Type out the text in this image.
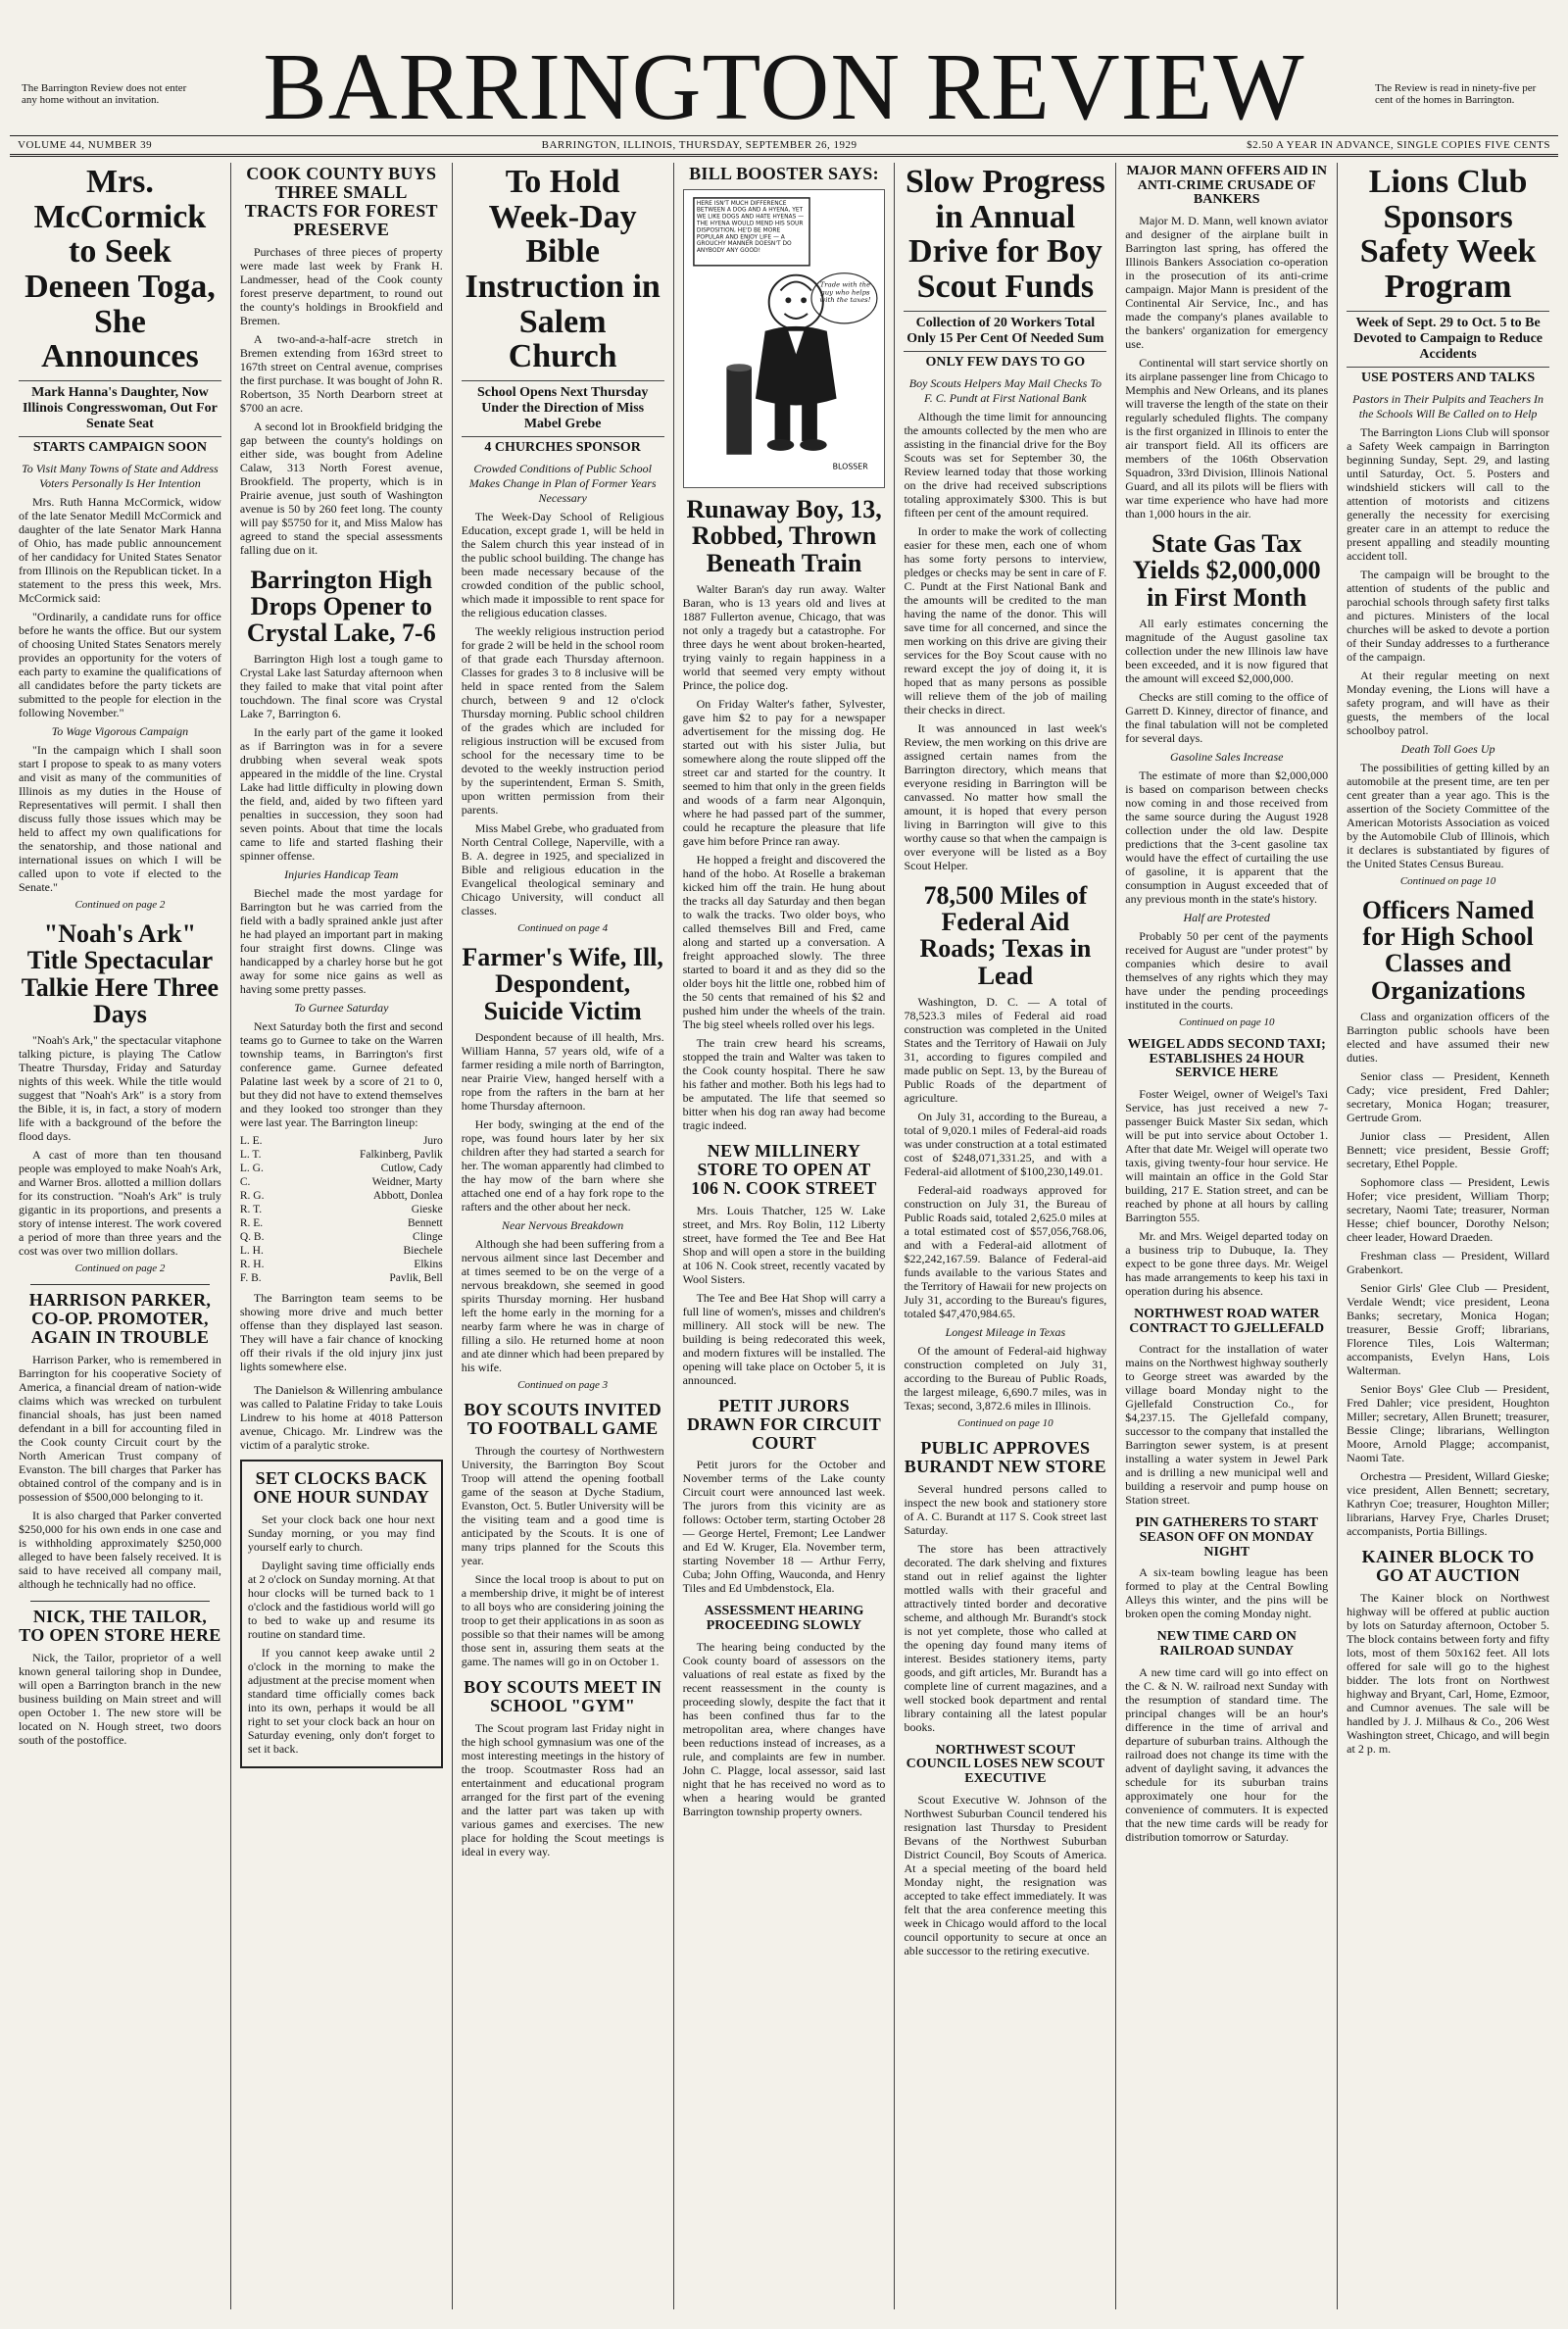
The Barrington Review does not enter any home without an invitation.	BARRINGTON REVIEW	The Review is read in ninety-five per cent of the homes in Barrington.
VOLUME 44, NUMBER 39	BARRINGTON, ILLINOIS, THURSDAY, SEPTEMBER 26, 1929	$2.50 A YEAR IN ADVANCE, SINGLE COPIES FIVE CENTS
Mrs. McCormick to Seek Deneen Toga, She Announces
Mark Hanna's Daughter, Now Illinois Congresswoman, Out For Senate Seat
STARTS CAMPAIGN SOON
To Visit Many Towns of State and Address Voters Personally Is Her Intention

Mrs. Ruth Hanna McCormick, widow of the late Senator Medill McCormick and daughter of the late Senator Mark Hanna of Ohio, has made public announcement of her candidacy for United States Senator from Illinois on the Republican ticket. In a statement to the press this week, Mrs. McCormick said:

"Ordinarily, a candidate runs for office before he wants the office. But our system of choosing United States Senators merely provides an opportunity for the voters of each party to examine the qualifications of all candidates before the party tickets are submitted to the people for election in the following November."

To Wage Vigorous Campaign

"In the campaign which I shall soon start I propose to speak to as many voters and visit as many of the communities of Illinois as my duties in the House of Representatives will permit. I shall then discuss fully those issues which may be held to affect my own qualifications for the senatorship, and those national and international issues on which I will be called upon to vote if elected to the Senate."

Continued on page 2
"Noah's Ark" Title Spectacular Talkie Here Three Days

"Noah's Ark," the spectacular vitaphone talking picture, is playing The Catlow Theatre Thursday, Friday and Saturday nights of this week. While the title would suggest that "Noah's Ark" is a story from the Bible, it is, in fact, a story of modern life with a background of the before the flood days.

A cast of more than ten thousand people was employed to make Noah's Ark, and Warner Bros. allotted a million dollars for its construction. "Noah's Ark" is truly gigantic in its proportions, and presents a story of intense interest. The work covered a period of more than three years and the cost was over two million dollars.

Continued on page 2
HARRISON PARKER, CO-OP. PROMOTER, AGAIN IN TROUBLE

Harrison Parker, who is remembered in Barrington for his cooperative Society of America, a financial dream of nation-wide claims which was wrecked on turbulent financial shoals, has just been named defendant in a bill for accounting filed in the Cook county Circuit court by the North American Trust company of Evanston. The bill charges that Parker has obtained control of the company and is in possession of $500,000 belonging to it.

It is also charged that Parker converted $250,000 for his own ends in one case and is withholding approximately $250,000 alleged to have been falsely received. It is said to have received all company mail, although he technically had no office.

NICK, THE TAILOR, TO OPEN STORE HERE

Nick, the Tailor, proprietor of a well known general tailoring shop in Dundee, will open a Barrington branch in the new business building on Main street and will open October 1. The new store will be located on N. Hough street, two doors south of the postoffice.

COOK COUNTY BUYS THREE SMALL TRACTS FOR FOREST PRESERVE

Purchases of three pieces of property were made last week by Frank H. Landmesser, head of the Cook county forest preserve department, to round out the county's holdings in Brookfield and Bremen.

A two-and-a-half-acre stretch in Bremen extending from 163rd street to 167th street on Central avenue, comprises the first purchase. It was bought of John R. Robertson, 35 North Dearborn street at $700 an acre.

A second lot in Brookfield bridging the gap between the county's holdings on either side, was bought from Adeline Calaw, 313 North Forest avenue, Brookfield. The property, which is in Prairie avenue, just south of Washington avenue is 50 by 260 feet long. The county will pay $5750 for it, and Miss Malow has agreed to stand the special assessments falling due on it.

Barrington High Drops Opener to Crystal Lake, 7-6

Barrington High lost a tough game to Crystal Lake last Saturday afternoon when they failed to make that vital point after touchdown. The final score was Crystal Lake 7, Barrington 6.

In the early part of the game it looked as if Barrington was in for a severe drubbing when several weak spots appeared in the middle of the line. Crystal Lake had little difficulty in plowing down the field, and, aided by two fifteen yard penalties in succession, they soon had seven points. About that time the locals came to life and started flashing their spinner offense.

Injuries Handicap Team

Biechel made the most yardage for Barrington but he was carried from the field with a badly sprained ankle just after he had played an important part in making four straight first downs. Clinge was handicapped by a charley horse but he got away for some nice gains as well as having some pretty passes.

To Gurnee Saturday

Next Saturday both the first and second teams go to Gurnee to take on the Warren township teams, in Barrington's first conference game. Gurnee defeated Palatine last week by a score of 21 to 0, but they did not have to extend themselves and they looked too stronger than they were last year. The Barrington lineup:

L. E.	Juro
L. T.	Falkinberg, Pavlik
L. G.	Cutlow, Cady
C.	Weidner, Marty
R. G.	Abbott, Donlea
R. T.	Gieske
R. E.	Bennett
Q. B.	Clinge
L. H.	Biechele
R. H.	Elkins
F. B.	Pavlik, Bell

The Barrington team seems to be showing more drive and much better offense than they displayed last season. They will have a fair chance of knocking off their rivals if the old injury jinx just lights somewhere else.

The Danielson & Willenring ambulance was called to Palatine Friday to take Louis Lindrew to his home at 4018 Patterson avenue, Chicago. Mr. Lindrew was the victim of a paralytic stroke.

SET CLOCKS BACK ONE HOUR SUNDAY

Set your clock back one hour next Sunday morning, or you may find yourself early to church.

Daylight saving time officially ends at 2 o'clock on Sunday morning. At that hour clocks will be turned back to 1 o'clock and the fastidious world will go to bed to wake up and resume its routine on standard time.

If you cannot keep awake until 2 o'clock in the morning to make the adjustment at the precise moment when standard time officially comes back into its own, perhaps it would be all right to set your clock back an hour on Saturday evening, only don't forget to set it back.

To Hold Week-Day Bible Instruction in Salem Church
School Opens Next Thursday Under the Direction of Miss Mabel Grebe
4 CHURCHES SPONSOR
Crowded Conditions of Public School Makes Change in Plan of Former Years Necessary

The Week-Day School of Religious Education, except grade 1, will be held in the Salem church this year instead of in the public school building. The change has been made necessary because of the crowded condition of the public school, which made it impossible to rent space for the religious education classes.

The weekly religious instruction period for grade 2 will be held in the school room of that grade each Thursday afternoon. Classes for grades 3 to 8 inclusive will be held in space rented from the Salem church, between 9 and 12 o'clock Thursday morning. Public school children of the grades which are included for religious instruction will be excused from school for the necessary time to be devoted to the weekly instruction period by the superintendent, Erman S. Smith, upon written permission from their parents.

Miss Mabel Grebe, who graduated from North Central College, Naperville, with a B. A. degree in 1925, and specialized in Bible and religious education in the Evangelical theological seminary and Chicago University, will conduct all classes.

Continued on page 4
Farmer's Wife, Ill, Despondent, Suicide Victim

Despondent because of ill health, Mrs. William Hanna, 57 years old, wife of a farmer residing a mile north of Barrington, near Prairie View, hanged herself with a rope from the rafters in the barn at her home Thursday afternoon.

Her body, swinging at the end of the rope, was found hours later by her six children after they had started a search for her. The woman apparently had climbed to the hay mow of the barn where she attached one end of a hay fork rope to the rafters and the other about her neck.

Near Nervous Breakdown

Although she had been suffering from a nervous ailment since last December and at times seemed to be on the verge of a nervous breakdown, she seemed in good spirits Thursday morning. Her husband left the home early in the morning for a nearby farm where he was in charge of filling a silo. He returned home at noon and ate dinner which had been prepared by his wife.

Continued on page 3
BOY SCOUTS INVITED TO FOOTBALL GAME

Through the courtesy of Northwestern University, the Barrington Boy Scout Troop will attend the opening football game of the season at Dyche Stadium, Evanston, Oct. 5. Butler University will be the visiting team and a good time is anticipated by the Scouts. It is one of many trips planned for the Scouts this year.

Since the local troop is about to put on a membership drive, it might be of interest to all boys who are considering joining the troop to get their applications in as soon as possible so that their names will be among those sent in, assuring them seats at the game. The names will go in on October 1.

BOY SCOUTS MEET IN SCHOOL "GYM"

The Scout program last Friday night in the high school gymnasium was one of the most interesting meetings in the history of the troop. Scoutmaster Ross had an entertainment and educational program arranged for the first part of the evening and the latter part was taken up with various games and exercises. The new place for holding the Scout meetings is ideal in every way.

BILL BOOSTER SAYS:
HERE ISN'T MUCH DIFFERENCE BETWEEN A DOG AND A HYENA, YET WE LIKE DOGS AND HATE HYENAS — THE HYENA WOULD MEND HIS SOUR DISPOSITION, HE'D BE MORE POPULAR AND ENJOY LIFE — A GROUCHY MANNER DOESN'T DO ANYBODY ANY GOOD!
Trade with the guy who helps with the taxes!
BLOSSER
Runaway Boy, 13, Robbed, Thrown Beneath Train

Walter Baran's day run away. Walter Baran, who is 13 years old and lives at 1887 Fullerton avenue, Chicago, that was not only a tragedy but a catastrophe. For three days he went about broken-hearted, trying vainly to regain happiness in a world that seemed very empty without Prince, the police dog.

On Friday Walter's father, Sylvester, gave him $2 to pay for a newspaper advertisement for the missing dog. He started out with his sister Julia, but somewhere along the route slipped off the street car and started for the country. It seemed to him that only in the green fields and woods of a farm near Algonquin, where he had passed part of the summer, could he recapture the pleasure that life gave him before Prince ran away.

He hopped a freight and discovered the hand of the hobo. At Roselle a brakeman kicked him off the train. He hung about the tracks all day Saturday and then began to walk the tracks. Two older boys, who called themselves Bill and Fred, came along and started up a conversation. A freight approached slowly. The three started to board it and as they did so the older boys hit the little one, robbed him of the 50 cents that remained of his $2 and pushed him under the wheels of the train. The big steel wheels rolled over his legs.

The train crew heard his screams, stopped the train and Walter was taken to the Cook county hospital. There he saw his father and mother. Both his legs had to be amputated. The life that seemed so bitter when his dog ran away had become tragic indeed.

NEW MILLINERY STORE TO OPEN AT 106 N. COOK STREET

Mrs. Louis Thatcher, 125 W. Lake street, and Mrs. Roy Bolin, 112 Liberty street, have formed the Tee and Bee Hat Shop and will open a store in the building at 106 N. Cook street, recently vacated by Wool Sisters.

The Tee and Bee Hat Shop will carry a full line of women's, misses and children's millinery. All stock will be new. The building is being redecorated this week, and modern fixtures will be installed. The opening will take place on October 5, it is announced.

PETIT JURORS DRAWN FOR CIRCUIT COURT

Petit jurors for the October and November terms of the Lake county Circuit court were announced last week. The jurors from this vicinity are as follows: October term, starting October 28 — George Hertel, Fremont; Lee Landwer and Ed W. Kruger, Ela. November term, starting November 18 — Arthur Ferry, Cuba; John Offing, Wauconda, and Henry Tiles and Ed Umbdenstock, Ela.

ASSESSMENT HEARING PROCEEDING SLOWLY

The hearing being conducted by the Cook county board of assessors on the valuations of real estate as fixed by the recent reassessment in the county is proceeding slowly, despite the fact that it has been confined thus far to the metropolitan area, where changes have been reductions instead of increases, as a rule, and complaints are few in number. John C. Plagge, local assessor, said last night that he has received no word as to when a hearing would be granted Barrington township property owners.

Slow Progress in Annual Drive for Boy Scout Funds
Collection of 20 Workers Total Only 15 Per Cent Of Needed Sum
ONLY FEW DAYS TO GO
Boy Scouts Helpers May Mail Checks To F. C. Pundt at First National Bank

Although the time limit for announcing the amounts collected by the men who are assisting in the financial drive for the Boy Scouts was set for September 30, the Review learned today that those working on the drive had received subscriptions totaling approximately $300. This is but fifteen per cent of the amount required.

In order to make the work of collecting easier for these men, each one of whom has some forty persons to interview, pledges or checks may be sent in care of F. C. Pundt at the First National Bank and the amounts will be credited to the man having the name of the donor. This will save time for all concerned, and since the men working on this drive are giving their services for the Boy Scout cause with no reward except the joy of doing it, it is hoped that as many persons as possible will relieve them of the job of mailing their checks in direct.

It was announced in last week's Review, the men working on this drive are assigned certain names from the Barrington directory, which means that everyone residing in Barrington will be canvassed. No matter how small the amount, it is hoped that every person living in Barrington will give to this worthy cause so that when the campaign is over everyone will be listed as a Boy Scout Helper.

78,500 Miles of Federal Aid Roads; Texas in Lead

Washington, D. C. — A total of 78,523.3 miles of Federal aid road construction was completed in the United States and the Territory of Hawaii on July 31, according to figures compiled and made public on Sept. 13, by the Bureau of Public Roads of the department of agriculture.

On July 31, according to the Bureau, a total of 9,020.1 miles of Federal-aid roads was under construction at a total estimated cost of $248,071,331.25, and with a Federal-aid allotment of $100,230,149.01.

Federal-aid roadways approved for construction on July 31, the Bureau of Public Roads said, totaled 2,625.0 miles at a total estimated cost of $57,056,768.06, and with a Federal-aid allotment of $22,242,167.59. Balance of Federal-aid funds available to the various States and the Territory of Hawaii for new projects on July 31, according to the Bureau's figures, totaled $47,470,984.65.

Longest Mileage in Texas

Of the amount of Federal-aid highway construction completed on July 31, according to the Bureau of Public Roads, the largest mileage, 6,690.7 miles, was in Texas; second, 3,872.6 miles in Illinois.

Continued on page 10
PUBLIC APPROVES BURANDT NEW STORE

Several hundred persons called to inspect the new book and stationery store of A. C. Burandt at 117 S. Cook street last Saturday.

The store has been attractively decorated. The dark shelving and fixtures stand out in relief against the lighter mottled walls with their graceful and attractively tinted border and decorative scheme, and although Mr. Burandt's stock is not yet complete, those who called at the opening day found many items of interest. Besides stationery items, party goods, and gift articles, Mr. Burandt has a complete line of current magazines, and a well stocked book department and rental library containing all the latest popular books.

NORTHWEST SCOUT COUNCIL LOSES NEW SCOUT EXECUTIVE

Scout Executive W. Johnson of the Northwest Suburban Council tendered his resignation last Thursday to President Bevans of the Northwest Suburban District Council, Boy Scouts of America. At a special meeting of the board held Monday night, the resignation was accepted to take effect immediately. It was felt that the area conference meeting this week in Chicago would afford to the local council opportunity to secure at once an able successor to the retiring executive.

MAJOR MANN OFFERS AID IN ANTI-CRIME CRUSADE OF BANKERS

Major M. D. Mann, well known aviator and designer of the airplane built in Barrington last spring, has offered the Illinois Bankers Association co-operation in the prosecution of its anti-crime campaign. Major Mann is president of the Continental Air Service, Inc., and has made the company's planes available to the bankers' organization for emergency use.

Continental will start service shortly on its airplane passenger line from Chicago to Memphis and New Orleans, and its planes will traverse the length of the state on their regularly scheduled flights. The company is the first organized in Illinois to enter the air transport field. All its officers are members of the 106th Observation Squadron, 33rd Division, Illinois National Guard, and all its pilots will be fliers with war time experience who have had more than 1,000 hours in the air.

State Gas Tax Yields $2,000,000 in First Month

All early estimates concerning the magnitude of the August gasoline tax collection under the new Illinois law have been exceeded, and it is now figured that the amount will exceed $2,000,000.

Checks are still coming to the office of Garrett D. Kinney, director of finance, and the final tabulation will not be completed for several days.

Gasoline Sales Increase

The estimate of more than $2,000,000 is based on comparison between checks now coming in and those received from the same source during the August 1928 collection under the old law. Despite predictions that the 3-cent gasoline tax would have the effect of curtailing the use of gasoline, it is apparent that the consumption in August exceeded that of any previous month in the state's history.

Half are Protested

Probably 50 per cent of the payments received for August are "under protest" by companies which desire to avail themselves of any rights which they may have under the pending proceedings instituted in the courts.

Continued on page 10
WEIGEL ADDS SECOND TAXI; ESTABLISHES 24 HOUR SERVICE HERE

Foster Weigel, owner of Weigel's Taxi Service, has just received a new 7-passenger Buick Master Six sedan, which will be put into service about October 1. After that date Mr. Weigel will operate two taxis, giving twenty-four hour service. He will maintain an office in the Gold Star building, 217 E. Station street, and can be reached by phone at all hours by calling Barrington 555.

Mr. and Mrs. Weigel departed today on a business trip to Dubuque, Ia. They expect to be gone three days. Mr. Weigel has made arrangements to keep his taxi in operation during his absence.

NORTHWEST ROAD WATER CONTRACT TO GJELLEFALD

Contract for the installation of water mains on the Northwest highway southerly to George street was awarded by the village board Monday night to the Gjellefald Construction Co., for $4,237.15. The Gjellefald company, successor to the company that installed the Barrington sewer system, is at present installing a water system in Jewel Park and is drilling a new municipal well and building a reservoir and pump house on Station street.

PIN GATHERERS TO START SEASON OFF ON MONDAY NIGHT

A six-team bowling league has been formed to play at the Central Bowling Alleys this winter, and the pins will be broken open the coming Monday night.

NEW TIME CARD ON RAILROAD SUNDAY

A new time card will go into effect on the C. & N. W. railroad next Sunday with the resumption of standard time. The principal changes will be an hour's difference in the time of arrival and departure of suburban trains. Although the railroad does not change its time with the advent of daylight saving, it advances the schedule for its suburban trains approximately one hour for the convenience of commuters. It is expected that the new time cards will be ready for distribution tomorrow or Saturday.

Lions Club Sponsors Safety Week Program
Week of Sept. 29 to Oct. 5 to Be Devoted to Campaign to Reduce Accidents
USE POSTERS AND TALKS
Pastors in Their Pulpits and Teachers In the Schools Will Be Called on to Help

The Barrington Lions Club will sponsor a Safety Week campaign in Barrington beginning Sunday, Sept. 29, and lasting until Saturday, Oct. 5. Posters and windshield stickers will call to the attention of motorists and citizens generally the necessity for exercising greater care in an attempt to reduce the present appalling and steadily mounting accident toll.

The campaign will be brought to the attention of students of the public and parochial schools through safety first talks and pictures. Ministers of the local churches will be asked to devote a portion of their Sunday addresses to a furtherance of the campaign.

At their regular meeting on next Monday evening, the Lions will have a safety program, and will have as their guests, the members of the local schoolboy patrol.

Death Toll Goes Up

The possibilities of getting killed by an automobile at the present time, are ten per cent greater than a year ago. This is the assertion of the Society Committee of the American Motorists Association as voiced by the Automobile Club of Illinois, which it declares is substantiated by figures of the United States Census Bureau.

Continued on page 10
Officers Named for High School Classes and Organizations

Class and organization officers of the Barrington public schools have been elected and have assumed their new duties.

Senior class — President, Kenneth Cady; vice president, Fred Dahler; secretary, Monica Hogan; treasurer, Gertrude Grom.

Junior class — President, Allen Bennett; vice president, Bessie Groff; secretary, Ethel Popple.

Sophomore class — President, Lewis Hofer; vice president, William Thorp; secretary, Naomi Tate; treasurer, Norman Hesse; chief bouncer, Dorothy Nelson; cheer leader, Howard Draeden.

Freshman class — President, Willard Grabenkort.

Senior Girls' Glee Club — President, Verdale Wendt; vice president, Leona Banks; secretary, Monica Hogan; treasurer, Bessie Groff; librarians, Florence Tiles, Lois Walterman; accompanists, Evelyn Hans, Lois Walterman.

Senior Boys' Glee Club — President, Fred Dahler; vice president, Houghton Miller; secretary, Allen Brunett; treasurer, Bessie Clinge; librarians, Wellington Moore, Arnold Plagge; accompanist, Naomi Tate.

Orchestra — President, Willard Gieske; vice president, Allen Bennett; secretary, Kathryn Coe; treasurer, Houghton Miller; librarians, Harvey Frye, Charles Druset; accompanists, Portia Billings.

KAINER BLOCK TO GO AT AUCTION

The Kainer block on Northwest highway will be offered at public auction by lots on Saturday afternoon, October 5. The block contains between forty and fifty lots, most of them 50x162 feet. All lots offered for sale will go to the highest bidder. The lots front on Northwest highway and Bryant, Carl, Home, Ezmoor, and Cumnor avenues. The sale will be handled by J. J. Milhaus & Co., 206 West Washington street, Chicago, and will begin at 2 p. m.
